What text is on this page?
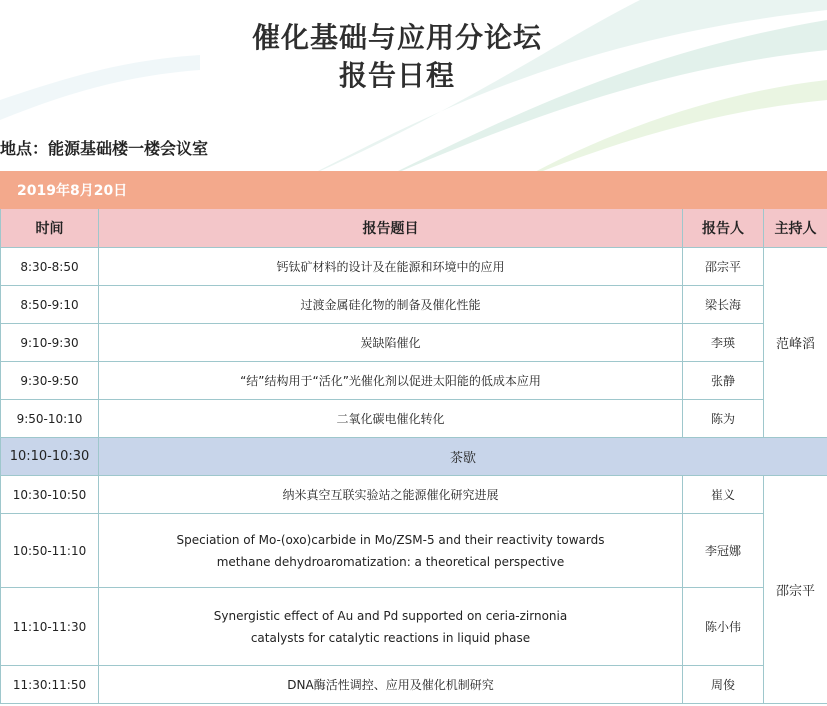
催化基础与应用分论坛
报告日程
地点：能源基础楼一楼会议室
2019年8月20日			
时间	报告题目	报告人	主持人
8:30-8:50	钙钛矿材料的设计及在能源和环境中的应用	邵宗平	范峰滔
8:50-9:10	过渡金属硅化物的制备及催化性能	梁长海	
9:10-9:30	炭缺陷催化	李瑛	
9:30-9:50	“结”结构用于“活化”光催化剂以促进太阳能的低成本应用	张静	
9:50-10:10	二氧化碳电催化转化	陈为	
10:10-10:30	茶歇		
10:30-10:50	纳米真空互联实验站之能源催化研究进展	崔义	邵宗平
10:50-11:10	Speciation of Mo-(oxo)carbide in Mo/ZSM-5 and their reactivity towards
methane dehydroaromatization: a theoretical perspective	李冠娜	
11:10-11:30	Synergistic effect of Au and Pd supported on ceria-zirnonia
catalysts for catalytic reactions in liquid phase	陈小伟	
11:30:11:50	DNA酶活性调控、应用及催化机制研究	周俊	
